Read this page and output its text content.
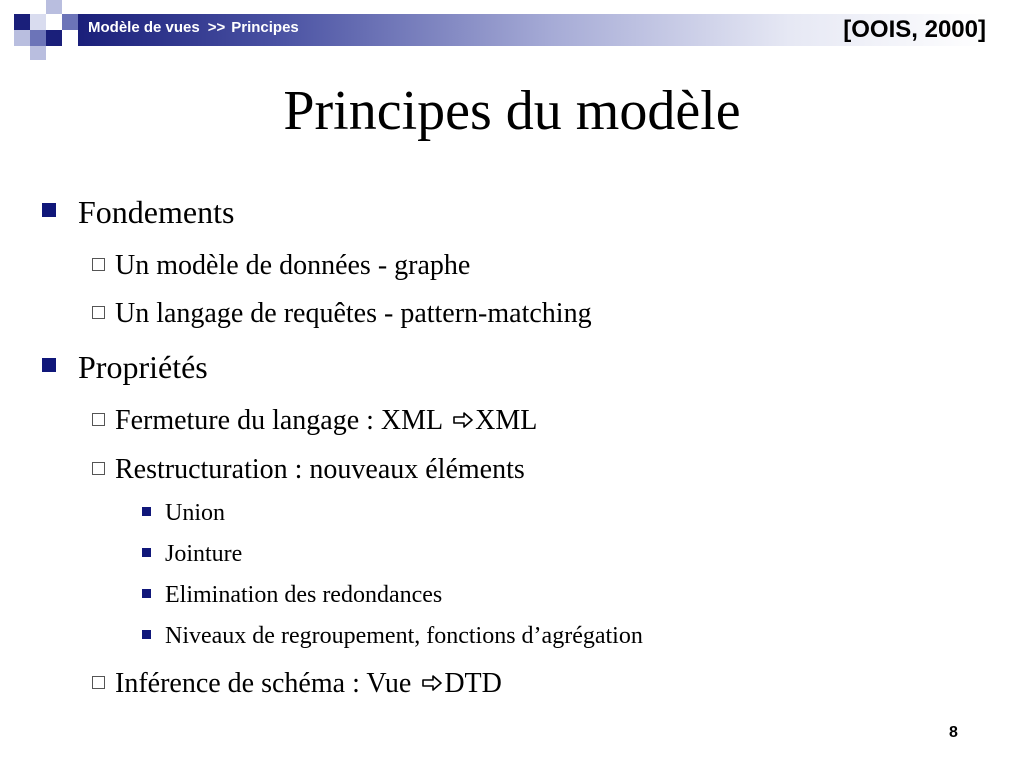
Modèle de vues >> Principes	[OOIS, 2000]
Principes du modèle
Fondements
Un modèle de données - graphe
Un langage de requêtes - pattern-matching
Propriétés
Fermeture du langage : XML XML
Restructuration : nouveaux éléments
Union
Jointure
Elimination des redondances
Niveaux de regroupement, fonctions d’agrégation
Inférence de schéma : Vue DTD
8
